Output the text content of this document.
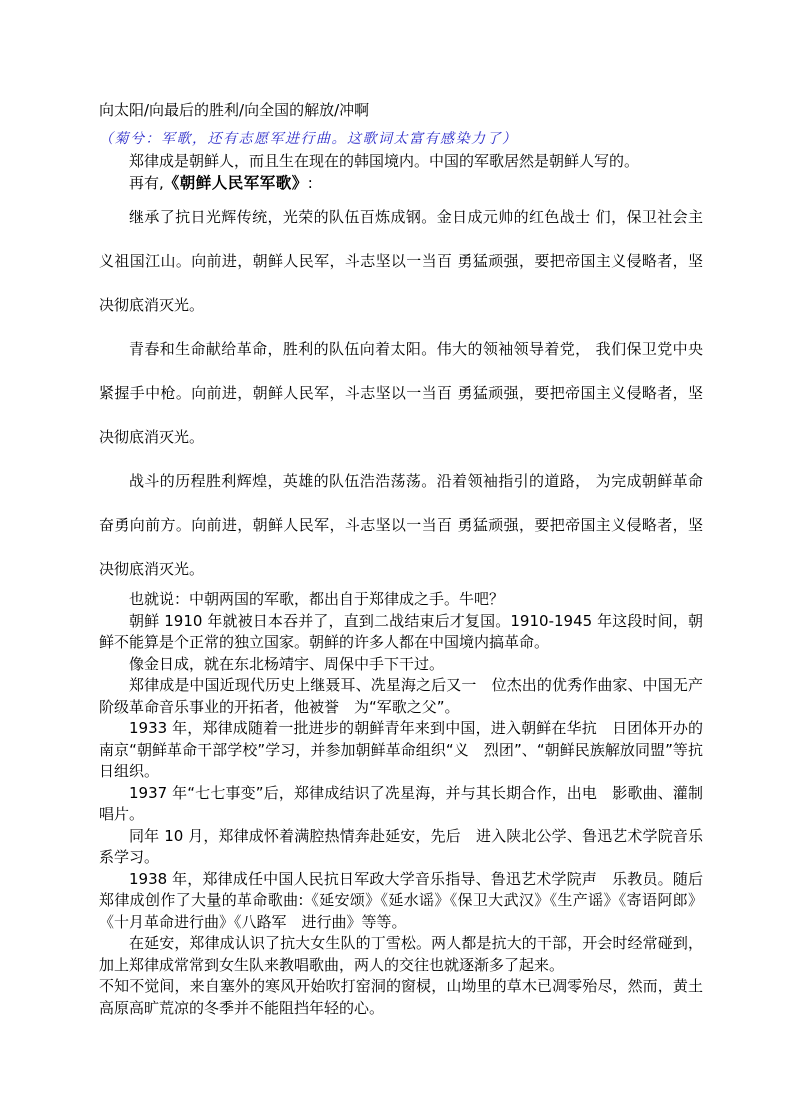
向太阳/向最后的胜利/向全国的解放/冲啊

（菊兮：军歌，还有志愿军进行曲。这歌词太富有感染力了）

郑律成是朝鲜人，而且生在现在的韩国境内。中国的军歌居然是朝鲜人写的。

再有,《朝鲜人民军军歌》:

继承了抗日光辉传统，光荣的队伍百炼成钢。金日成元帅的红色战士 们，保卫社会主义祖国江山。向前进，朝鲜人民军，斗志坚以一当百 勇猛顽强，要把帝国主义侵略者，坚决彻底消灭光。

青春和生命献给革命，胜利的队伍向着太阳。伟大的领袖领导着党， 我们保卫党中央紧握手中枪。向前进，朝鲜人民军，斗志坚以一当百 勇猛顽强，要把帝国主义侵略者，坚决彻底消灭光。

战斗的历程胜利辉煌，英雄的队伍浩浩荡荡。沿着领袖指引的道路， 为完成朝鲜革命奋勇向前方。向前进，朝鲜人民军，斗志坚以一当百 勇猛顽强，要把帝国主义侵略者，坚决彻底消灭光。

也就说：中朝两国的军歌，都出自于郑律成之手。牛吧？

朝鲜 1910 年就被日本吞并了，直到二战结束后才复国。1910-1945 年这段时间，朝鲜不能算是个正常的独立国家。朝鲜的许多人都在中国境内搞革命。

像金日成，就在东北杨靖宇、周保中手下干过。

郑律成是中国近现代历史上继聂耳、冼星海之后又一　位杰出的优秀作曲家、中国无产阶级革命音乐事业的开拓者，他被誉　为“军歌之父”。

1933 年，郑律成随着一批进步的朝鲜青年来到中国，进入朝鲜在华抗　日团体开办的南京“朝鲜革命干部学校”学习，并参加朝鲜革命组织“义　烈团”、“朝鲜民族解放同盟”等抗日组织。

1937 年“七七事变”后，郑律成结识了冼星海，并与其长期合作，出电　影歌曲、灌制唱片。

同年 10 月，郑律成怀着满腔热情奔赴延安，先后　进入陕北公学、鲁迅艺术学院音乐系学习。

1938 年，郑律成任中国人民抗日军政大学音乐指导、鲁迅艺术学院声　乐教员。随后郑律成创作了大量的革命歌曲:《延安颂》《延水谣》《保卫大武汉》《生产谣》《寄语阿郎》《十月革命进行曲》《八路军　进行曲》等等。

在延安，郑律成认识了抗大女生队的丁雪松。两人都是抗大的干部，开会时经常碰到，加上郑律成常常到女生队来教唱歌曲，两人的交往也就逐渐多了起来。

不知不觉间，来自塞外的寒风开始吹打窑洞的窗棂，山坳里的草木已凋零殆尽，然而，黄土高原高旷荒凉的冬季并不能阻挡年轻的心。
